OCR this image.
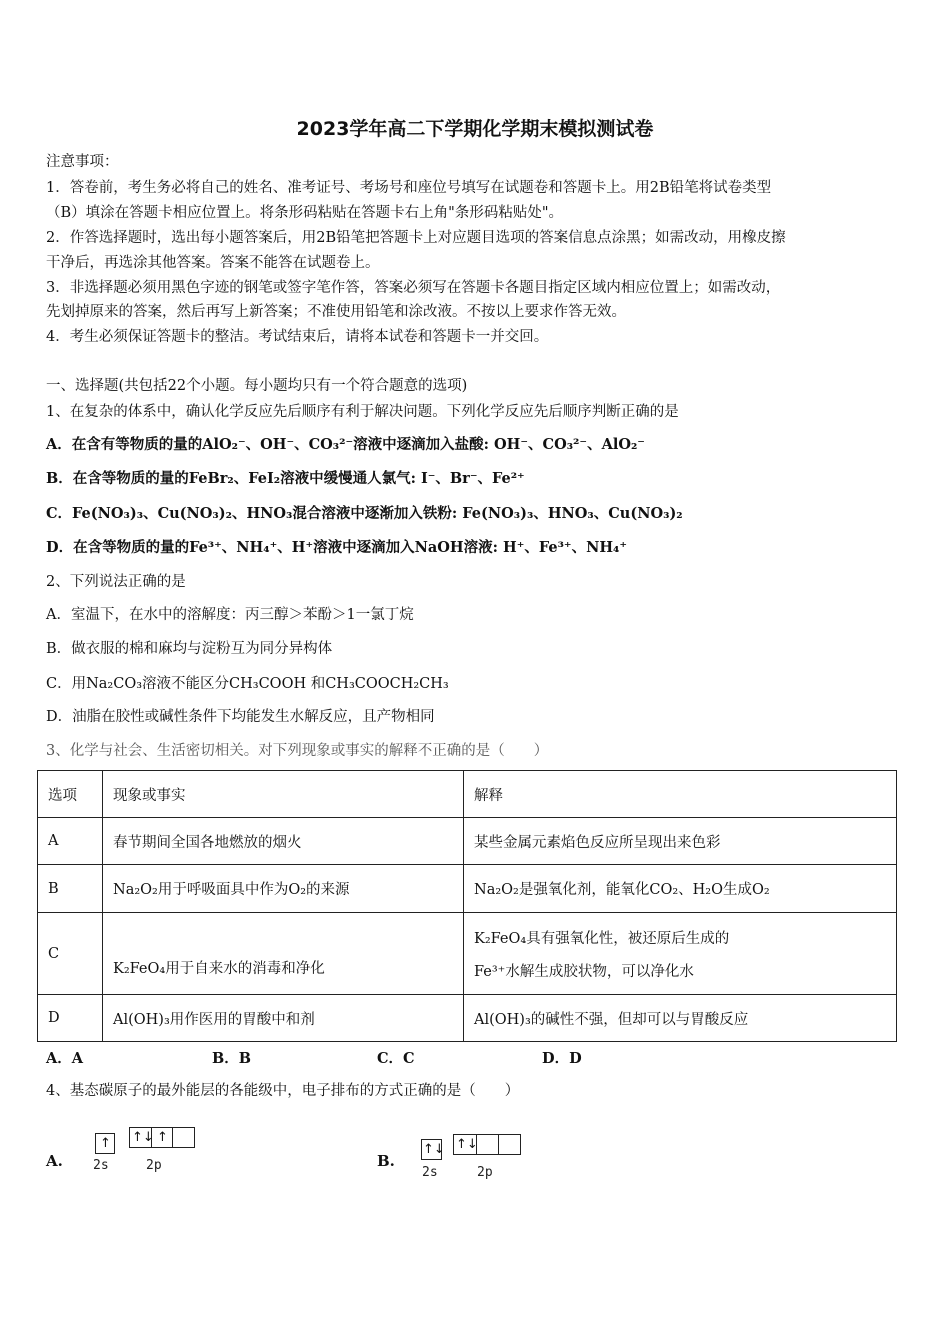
2023学年高二下学期化学期末模拟测试卷
注意事项：
1．答卷前，考生务必将自己的姓名、准考证号、考场号和座位号填写在试题卷和答题卡上。用2B铅笔将试卷类型
（B）填涂在答题卡相应位置上。将条形码粘贴在答题卡右上角"条形码粘贴处"。
2．作答选择题时，选出每小题答案后，用2B铅笔把答题卡上对应题目选项的答案信息点涂黑；如需改动，用橡皮擦
干净后，再选涂其他答案。答案不能答在试题卷上。
3．非选择题必须用黑色字迹的钢笔或签字笔作答，答案必须写在答题卡各题目指定区域内相应位置上；如需改动，
先划掉原来的答案，然后再写上新答案；不准使用铅笔和涂改液。不按以上要求作答无效。
4．考生必须保证答题卡的整洁。考试结束后，请将本试卷和答题卡一并交回。
一、选择题(共包括22个小题。每小题均只有一个符合题意的选项)
1、在复杂的体系中，确认化学反应先后顺序有利于解决问题。下列化学反应先后顺序判断正确的是
A．在含有等物质的量的AlO₂⁻、OH⁻、CO₃²⁻溶液中逐滴加入盐酸: OH⁻、CO₃²⁻、AlO₂⁻
B．在含等物质的量的FeBr₂、FeI₂溶液中缓慢通人氯气: I⁻、Br⁻、Fe²⁺
C．Fe(NO₃)₃、Cu(NO₃)₂、HNO₃混合溶液中逐渐加入铁粉: Fe(NO₃)₃、HNO₃、Cu(NO₃)₂
D．在含等物质的量的Fe³⁺、NH₄⁺、H⁺溶液中逐滴加入NaOH溶液: H⁺、Fe³⁺、NH₄⁺
2、下列说法正确的是
A．室温下，在水中的溶解度：丙三醇＞苯酚＞1一氯丁烷
B．做衣服的棉和麻均与淀粉互为同分异构体
C．用Na₂CO₃溶液不能区分CH₃COOH 和CH₃COOCH₂CH₃
D．油脂在胶性或碱性条件下均能发生水解反应，且产物相同
3、化学与社会、生活密切相关。对下列现象或事实的解释不正确的是（　　）
选项	现象或事实	解释
A	春节期间全国各地燃放的烟火	某些金属元素焰色反应所呈现出来色彩
B	Na₂O₂用于呼吸面具中作为O₂的来源	Na₂O₂是强氧化剂，能氧化CO₂、H₂O生成O₂
C	K₂FeO₄用于自来水的消毒和净化	K₂FeO₄具有强氧化性，被还原后生成的
Fe³⁺水解生成胶状物，可以净化水

D	Al(OH)₃用作医用的胃酸中和剂	Al(OH)₃的碱性不强，但却可以与胃酸反应
A．A	B．B	C．C	D．D
4、基态碳原子的最外能层的各能级中，电子排布的方式正确的是（　　）
A.
↑ ↑↓ ↑
2s	2p	B.
↑↓ ↑↓
2s	2p
